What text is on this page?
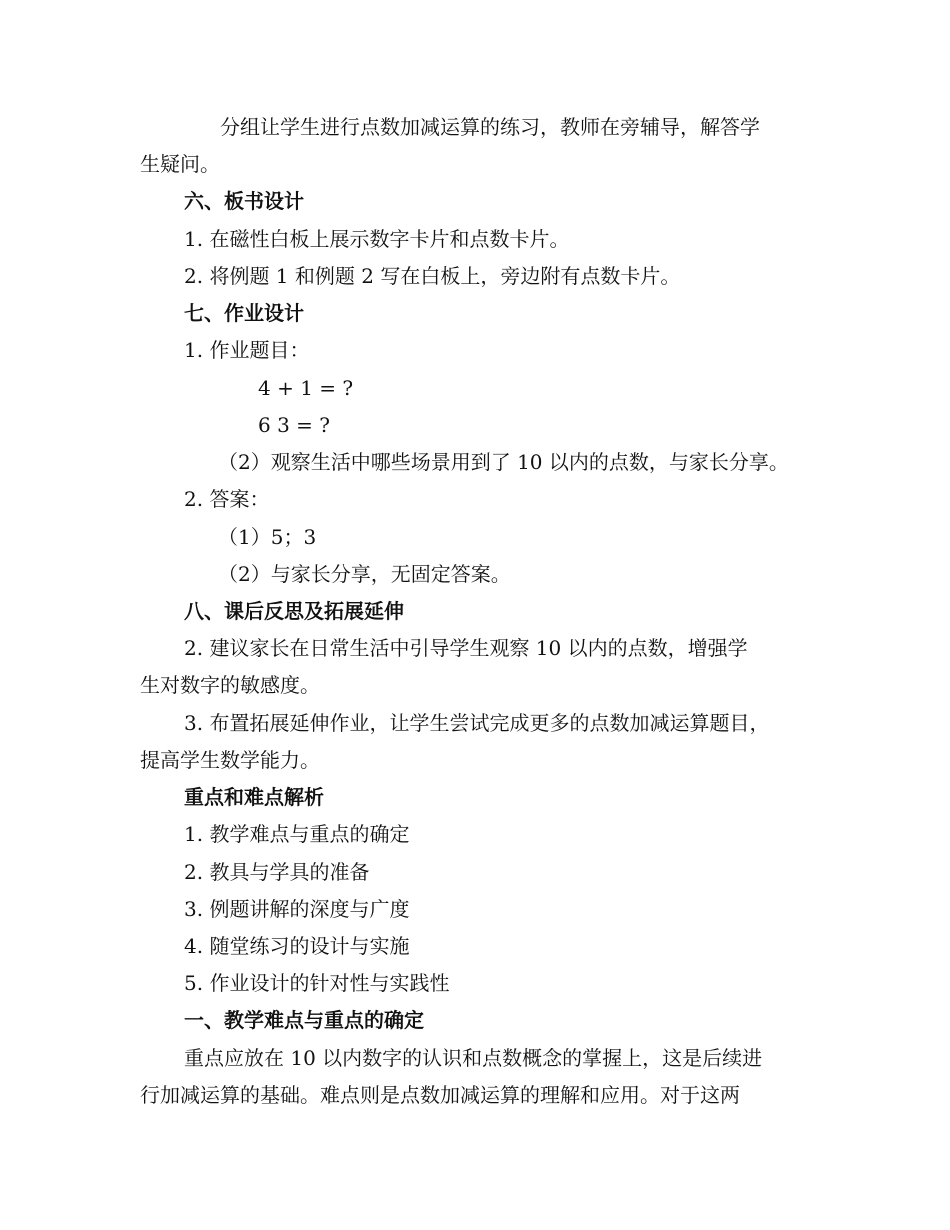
分组让学生进行点数加减运算的练习，教师在旁辅导，解答学
生疑问。
六、板书设计
1. 在磁性白板上展示数字卡片和点数卡片。
2. 将例题 1 和例题 2 写在白板上，旁边附有点数卡片。
七、作业设计
1. 作业题目：
4 + 1 = ?
6 3 = ?
（2）观察生活中哪些场景用到了 10 以内的点数，与家长分享。
2. 答案：
（1）5；3
（2）与家长分享，无固定答案。
八、课后反思及拓展延伸
2. 建议家长在日常生活中引导学生观察 10 以内的点数，增强学
生对数字的敏感度。
3. 布置拓展延伸作业，让学生尝试完成更多的点数加减运算题目，
提高学生数学能力。
重点和难点解析
1. 教学难点与重点的确定
2. 教具与学具的准备
3. 例题讲解的深度与广度
4. 随堂练习的设计与实施
5. 作业设计的针对性与实践性
一、教学难点与重点的确定
重点应放在 10 以内数字的认识和点数概念的掌握上，这是后续进
行加减运算的基础。难点则是点数加减运算的理解和应用。对于这两
